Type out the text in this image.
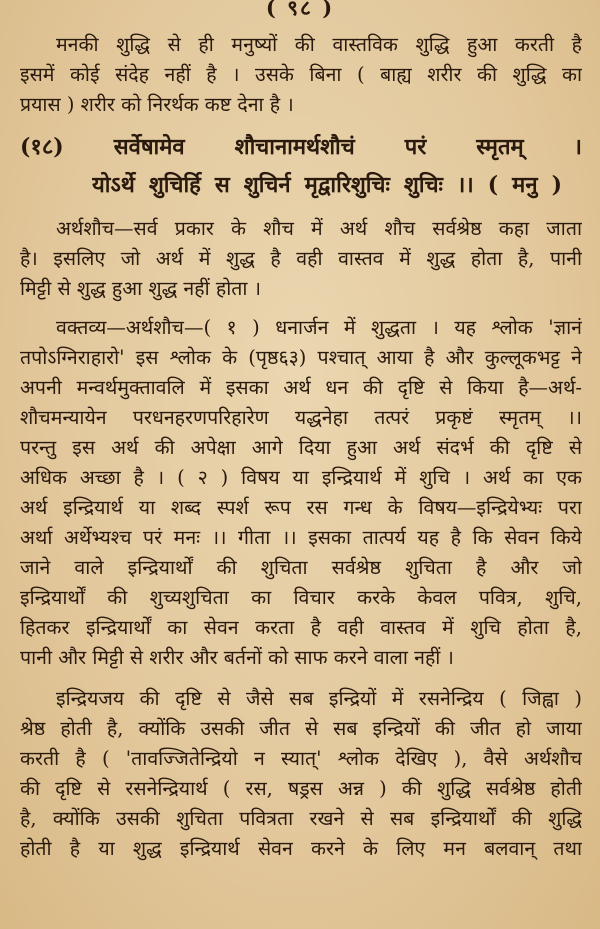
( ९८ )
मनकी शुद्धि से ही मनुष्यों की वास्तविक शुद्धि हुआ करती है
इसमें कोई संदेह नहीं है । उसके बिना ( बाह्य शरीर की शुद्धि का
प्रयास ) शरीर को निरर्थक कष्ट देना है ।
(१८) सर्वेषामेव शौचानामर्थशौचं परं स्मृतम् ।
योऽर्थे शुचिर्हि स शुचिर्न मृद्वारिशुचिः शुचिः ।। ( मनु )
अर्थशौच—सर्व प्रकार के शौच में अर्थ शौच सर्वश्रेष्ठ कहा जाता
है। इसलिए जो अर्थ में शुद्ध है वही वास्तव में शुद्ध होता है, पानी
मिट्टी से शुद्ध हुआ शुद्ध नहीं होता ।
वक्तव्य—अर्थशौच—( १ ) धनार्जन में शुद्धता । यह श्लोक 'ज्ञानं
तपोऽग्निराहारो' इस श्लोक के (पृष्ठ६३) पश्चात् आया है और कुल्लूकभट्ट ने
अपनी मन्वर्थमुक्तावलि में इसका अर्थ धन की दृष्टि से किया है—अर्थ-
शौचमन्यायेन परधनहरणपरिहारेण यद्धनेहा तत्परं प्रकृष्टं स्मृतम् ।।
परन्तु इस अर्थ की अपेक्षा आगे दिया हुआ अर्थ संदर्भ की दृष्टि से
अधिक अच्छा है । ( २ ) विषय या इन्द्रियार्थ में शुचि । अर्थ का एक
अर्थ इन्द्रियार्थ या शब्द स्पर्श रूप रस गन्ध के विषय—इन्द्रियेभ्यः परा
अर्था अर्थेभ्यश्च परं मनः ।। गीता ।। इसका तात्पर्य यह है कि सेवन किये
जाने वाले इन्द्रियार्थों की शुचिता सर्वश्रेष्ठ शुचिता है और जो
इन्द्रियार्थों की शुच्यशुचिता का विचार करके केवल पवित्र, शुचि,
हितकर इन्द्रियार्थों का सेवन करता है वही वास्तव में शुचि होता है,
पानी और मिट्टी से शरीर और बर्तनों को साफ करने वाला नहीं ।
इन्द्रियजय की दृष्टि से जैसे सब इन्द्रियों में रसनेन्द्रिय ( जिह्वा )
श्रेष्ठ होती है, क्योंकि उसकी जीत से सब इन्द्रियों की जीत हो जाया
करती है ( 'तावज्जितेन्द्रियो न स्यात्' श्लोक देखिए ), वैसे अर्थशौच
की दृष्टि से रसनेन्द्रियार्थ ( रस, षड्रस अन्न ) की शुद्धि सर्वश्रेष्ठ होती
है, क्योंकि उसकी शुचिता पवित्रता रखने से सब इन्द्रियार्थों की शुद्धि
होती है या शुद्ध इन्द्रियार्थ सेवन करने के लिए मन बलवान् तथा
